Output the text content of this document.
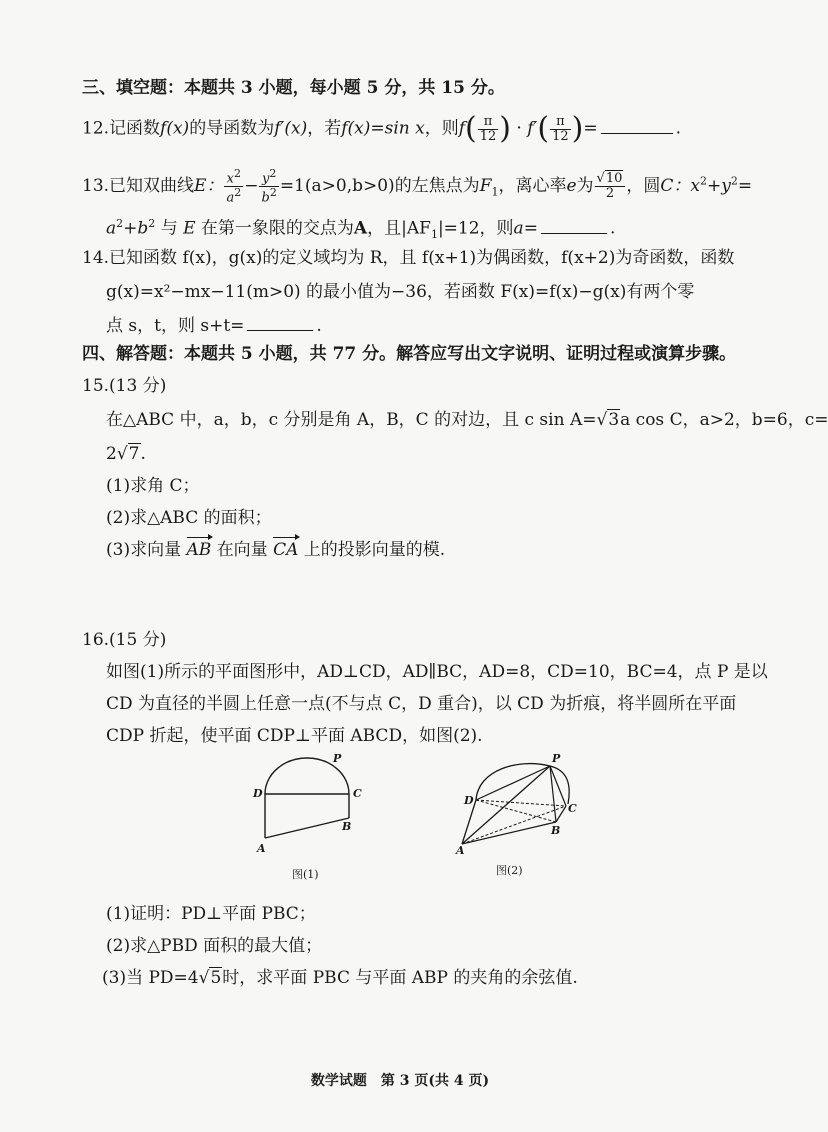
三、填空题：本题共 3 小题，每小题 5 分，共 15 分。
12.记函数f(x)的导函数为f′(x)，若f(x)=sin x，则$f( \frac{\pi}{12}$ ) · $f'( \frac{\pi}{12}$ )=	.
13.已知双曲线E： $\frac{x^2}{a^2} - \frac{y^2}{b^2} =1(a>0,b>0)$的左焦点为$F_1$，离心率e为 $\frac{√10}{2}$ ，圆C：$x^2+y^2=$
$a^2+b^2$ 与 E 在第一象限的交点为A，且$|AF_1|=12$，则a=	.
14.已知函数 f(x)，g(x)的定义域均为 R，且 f(x+1)为偶函数，f(x+2)为奇函数，函数
g(x)=x²−mx−11(m>0) 的最小值为−36，若函数 F(x)=f(x)−g(x)有两个零
点 s，t，则 s+t=	.
四、解答题：本题共 5 小题，共 77 分。解答应写出文字说明、证明过程或演算步骤。
15.(13 分)
在△ABC 中，a，b，c 分别是角 A，B，C 的对边，且 c sin A=√3a cos C，a>2，b=6，c=
2√7.
(1)求角 C；
(2)求△ABC 的面积；
(3)求向量 AB 在向量 CA 上的投影向量的模.
16.(15 分)
如图(1)所示的平面图形中，AD⊥CD，AD∥BC，AD=8，CD=10，BC=4，点 P 是以
CD 为直径的半圆上任意一点(不与点 C，D 重合)，以 CD 为折痕，将半圆所在平面
CDP 折起，使平面 CDP⊥平面 ABCD，如图(2).
P
D	C
B
A
图(1)
P
D
C
B
A
图(2)
(1)证明：PD⊥平面 PBC；
(2)求△PBD 面积的最大值；
(3)当 PD=4√5时，求平面 PBC 与平面 ABP 的夹角的余弦值.
数学试题　第 3 页(共 4 页)
